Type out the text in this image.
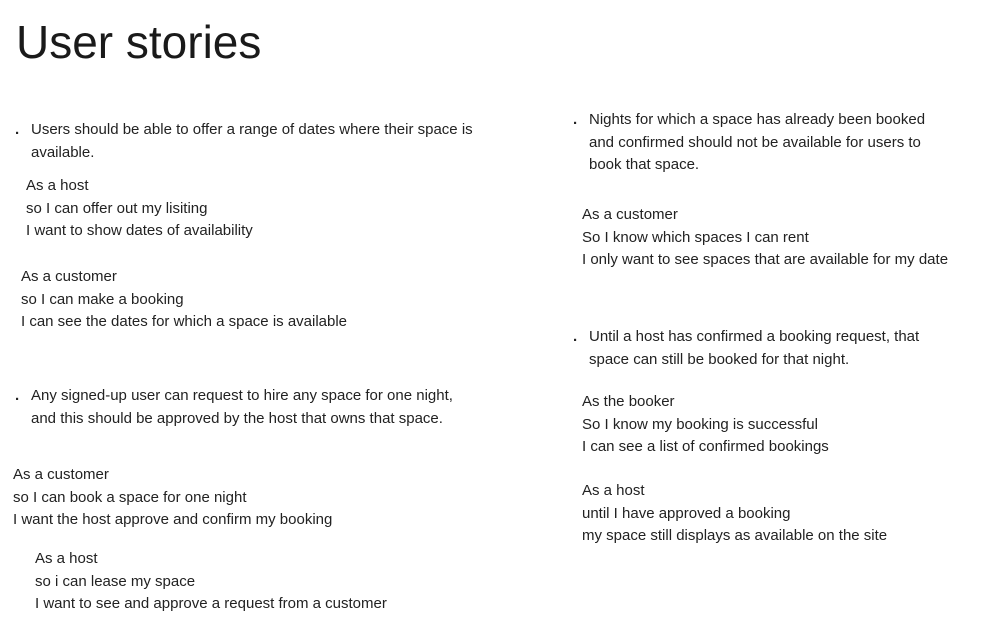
User stories
. Users should be able to offer a range of dates where their space is
available.
As a host
so I can offer out my lisiting
I want to show dates of availability
As a customer
so I can make a booking
I can see the dates for which a space is available
. Any signed-up user can request to hire any space for one night,
and this should be approved by the host that owns that space.
As a customer
so I can book a space for one night
I want the host approve and confirm my booking
As a host
so i can lease my space
I want to see and approve a request from a customer
. Nights for which a space has already been booked
and confirmed should not be available for users to
book that space.
As a customer
So I know which spaces I can rent
I only want to see spaces that are available for my date
. Until a host has confirmed a booking request, that
space can still be booked for that night.
As the booker
So I know my booking is successful
I can see a list of confirmed bookings
As a host
until I have approved a booking
my space still displays as available on the site
